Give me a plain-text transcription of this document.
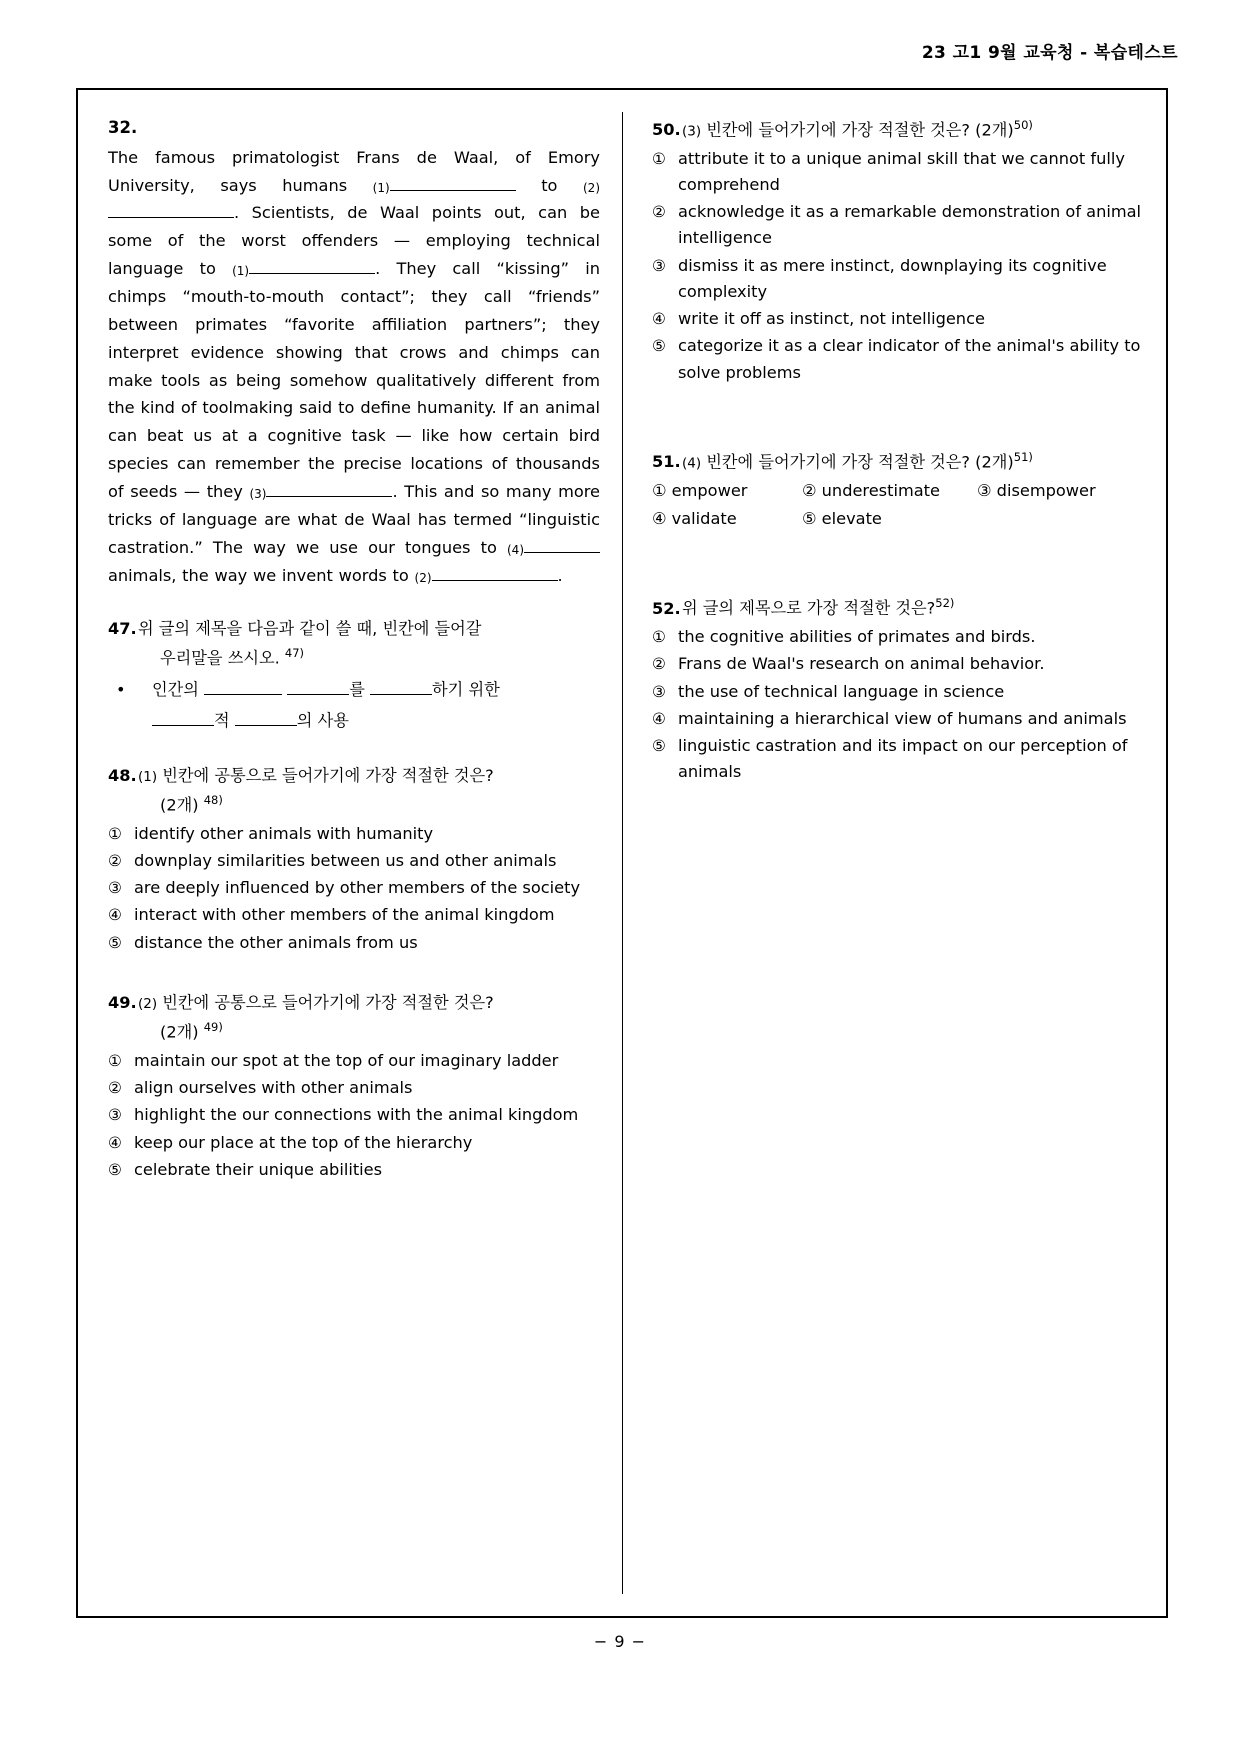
23 고1 9월 교육청 - 복습테스트
32.
The famous primatologist Frans de Waal, of Emory University, says humans (1)	to (2). Scientists, de Waal points out, can be some of the worst offenders — employing technical language to (1)	. They call “kissing” in chimps “mouth-to-mouth contact”; they call “friends” between primates “favorite affiliation partners”; they interpret evidence showing that crows and chimps can make tools as being somehow qualitatively different from the kind of toolmaking said to define humanity. If an animal can beat us at a cognitive task — like how certain bird species can remember the precise locations of thousands of seeds — they (3)	. This and so many more tricks of language are what de Waal has termed “linguistic castration.” The way we use our tongues to (4) animals, the way we invent words to (2)	.
47.위 글의 제목을 다음과 같이 쓸 때, 빈칸에 들어갈
우리말을 쓰시오. $^{47)}$
• 인간의	를	하기 위한
적	의 사용
48.(1) 빈칸에 공통으로 들어가기에 가장 적절한 것은?
(2개) $^{48)}$
① identify other animals with humanity
② downplay similarities between us and other animals
③ are deeply influenced by other members of the society
④ interact with other members of the animal kingdom
⑤ distance the other animals from us
49.(2) 빈칸에 공통으로 들어가기에 가장 적절한 것은?
(2개) $^{49)}$
① maintain our spot at the top of our imaginary ladder
② align ourselves with other animals
③ highlight the our connections with the animal kingdom
④ keep our place at the top of the hierarchy
⑤ celebrate their unique abilities
50.(3) 빈칸에 들어가기에 가장 적절한 것은? (2개)$^{50)}$
① attribute it to a unique animal skill that we cannot fully comprehend
② acknowledge it as a remarkable demonstration of animal intelligence
③ dismiss it as mere instinct, downplaying its cognitive complexity
④ write it off as instinct, not intelligence
⑤ categorize it as a clear indicator of the animal's ability to solve problems
51.(4) 빈칸에 들어가기에 가장 적절한 것은? (2개)$^{51)}$
① empower	② underestimate ③ disempower
④ validate	⑤ elevate
52.위 글의 제목으로 가장 적절한 것은?$^{52)}$
① the cognitive abilities of primates and birds.
② Frans de Waal's research on animal behavior.
③ the use of technical language in science
④ maintaining a hierarchical view of humans and animals
⑤ linguistic castration and its impact on our perception of animals
− 9 −
